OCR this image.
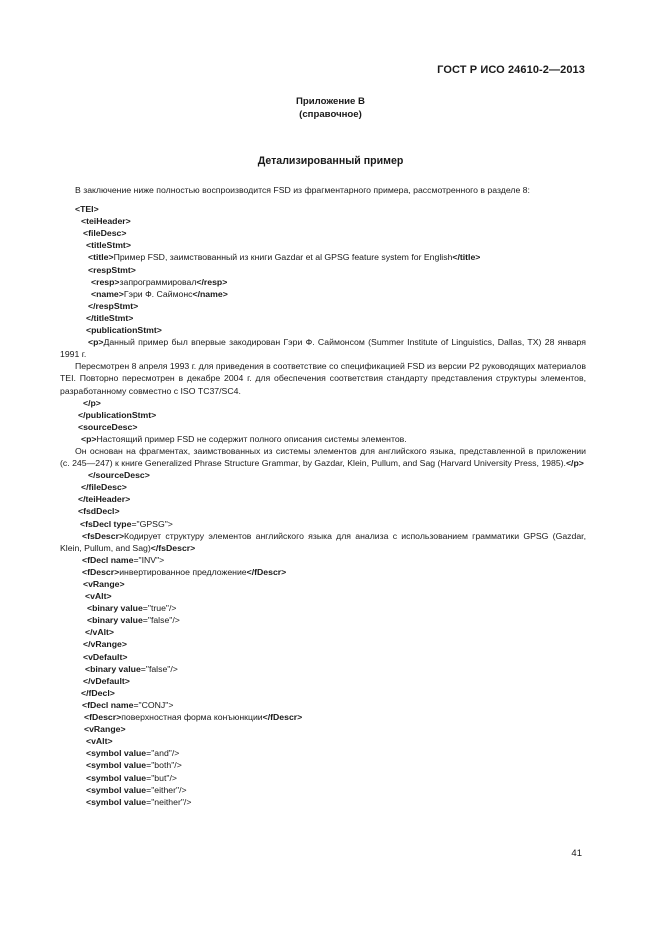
ГОСТ Р ИСО 24610-2—2013
Приложение В
(справочное)
Детализированный пример

В заключение ниже полностью воспроизводится FSD из фрагментарного примера, рассмотренного в разделе 8:

<TEI>

<teiHeader>

<fileDesc>

<titleStmt>

<title>Пример FSD, заимствованный из книги Gazdar et al GPSG feature system for English</title>

<respStmt>

<resp>запрограммировал</resp>

<name>Гэри Ф. Саймонс</name>

</respStmt>

</titleStmt>

<publicationStmt>

<p>Данный пример был впервые закодирован Гэри Ф. Саймонсом (Summer Institute of Linguistics, Dallas, TX) 28 января 1991 г.

Пересмотрен 8 апреля 1993 г. для приведения в соответствие со спецификацией FSD из версии Р2 руководящих материалов TEI. Повторно пересмотрен в декабре 2004 г. для обеспечения соответствия стандарту представления структуры элементов, разработанному совместно с ISO ТС37/SC4.

</p>

</publicationStmt>

<sourceDesc>

<p>Настоящий пример FSD не содержит полного описания системы элементов.

Он основан на фрагментах, заимствованных из системы элементов для английского языка, представленной в приложении (с. 245—247) к книге Generalized Phrase Structure Grammar, by Gazdar, Klein, Pullum, and Sag (Harvard University Press, 1985).</p>

</sourceDesc>

</fileDesc>

</teiHeader>

<fsdDecl>

<fsDecl type="GPSG">

<fsDescr>Кодирует структуру элементов английского языка для анализа с использованием грамматики GPSG (Gazdar, Klein, Pullum, and Sag)</fsDescr>

<fDecl name="INV">

<fDescr>инвертированное предложение</fDescr>

<vRange>

<vAlt>

<binary value="true"/>

<binary value="false"/>

</vAlt>

</vRange>

<vDefault>

<binary value="false"/>

</vDefault>

</fDecl>

<fDecl name="CONJ">

<fDescr>поверхностная форма конъюнкции</fDescr>

<vRange>

<vAlt>

<symbol value="and"/>

<symbol value="both"/>

<symbol value="but"/>

<symbol value="either"/>

<symbol value="neither"/>

41
